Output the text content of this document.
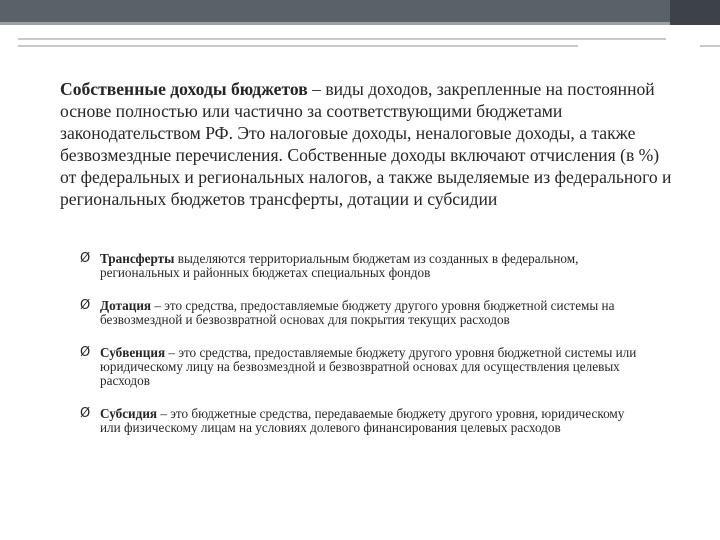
Собственные доходы бюджетов – виды доходов, закрепленные на постоянной основе полностью или частично за соответствующими бюджетами законодательством РФ. Это налоговые доходы, неналоговые доходы, а также безвозмездные перечисления. Собственные доходы включают отчисления (в %) от федеральных и региональных налогов, а также выделяемые из федерального и региональных бюджетов трансферты, дотации и субсидии

Ø Трансферты выделяются территориальным бюджетам из созданных в федеральном, региональных и районных бюджетах специальных фондов
Ø Дотация – это средства, предоставляемые бюджету другого уровня бюджетной системы на безвозмездной и безвозвратной основах для покрытия текущих расходов
Ø Субвенция – это средства, предоставляемые бюджету другого уровня бюджетной системы или юридическому лицу на безвозмездной и безвозвратной основах для осуществления целевых расходов
Ø Субсидия – это бюджетные средства, передаваемые бюджету другого уровня, юридическому или физическому лицам на условиях долевого финансирования целевых расходов
